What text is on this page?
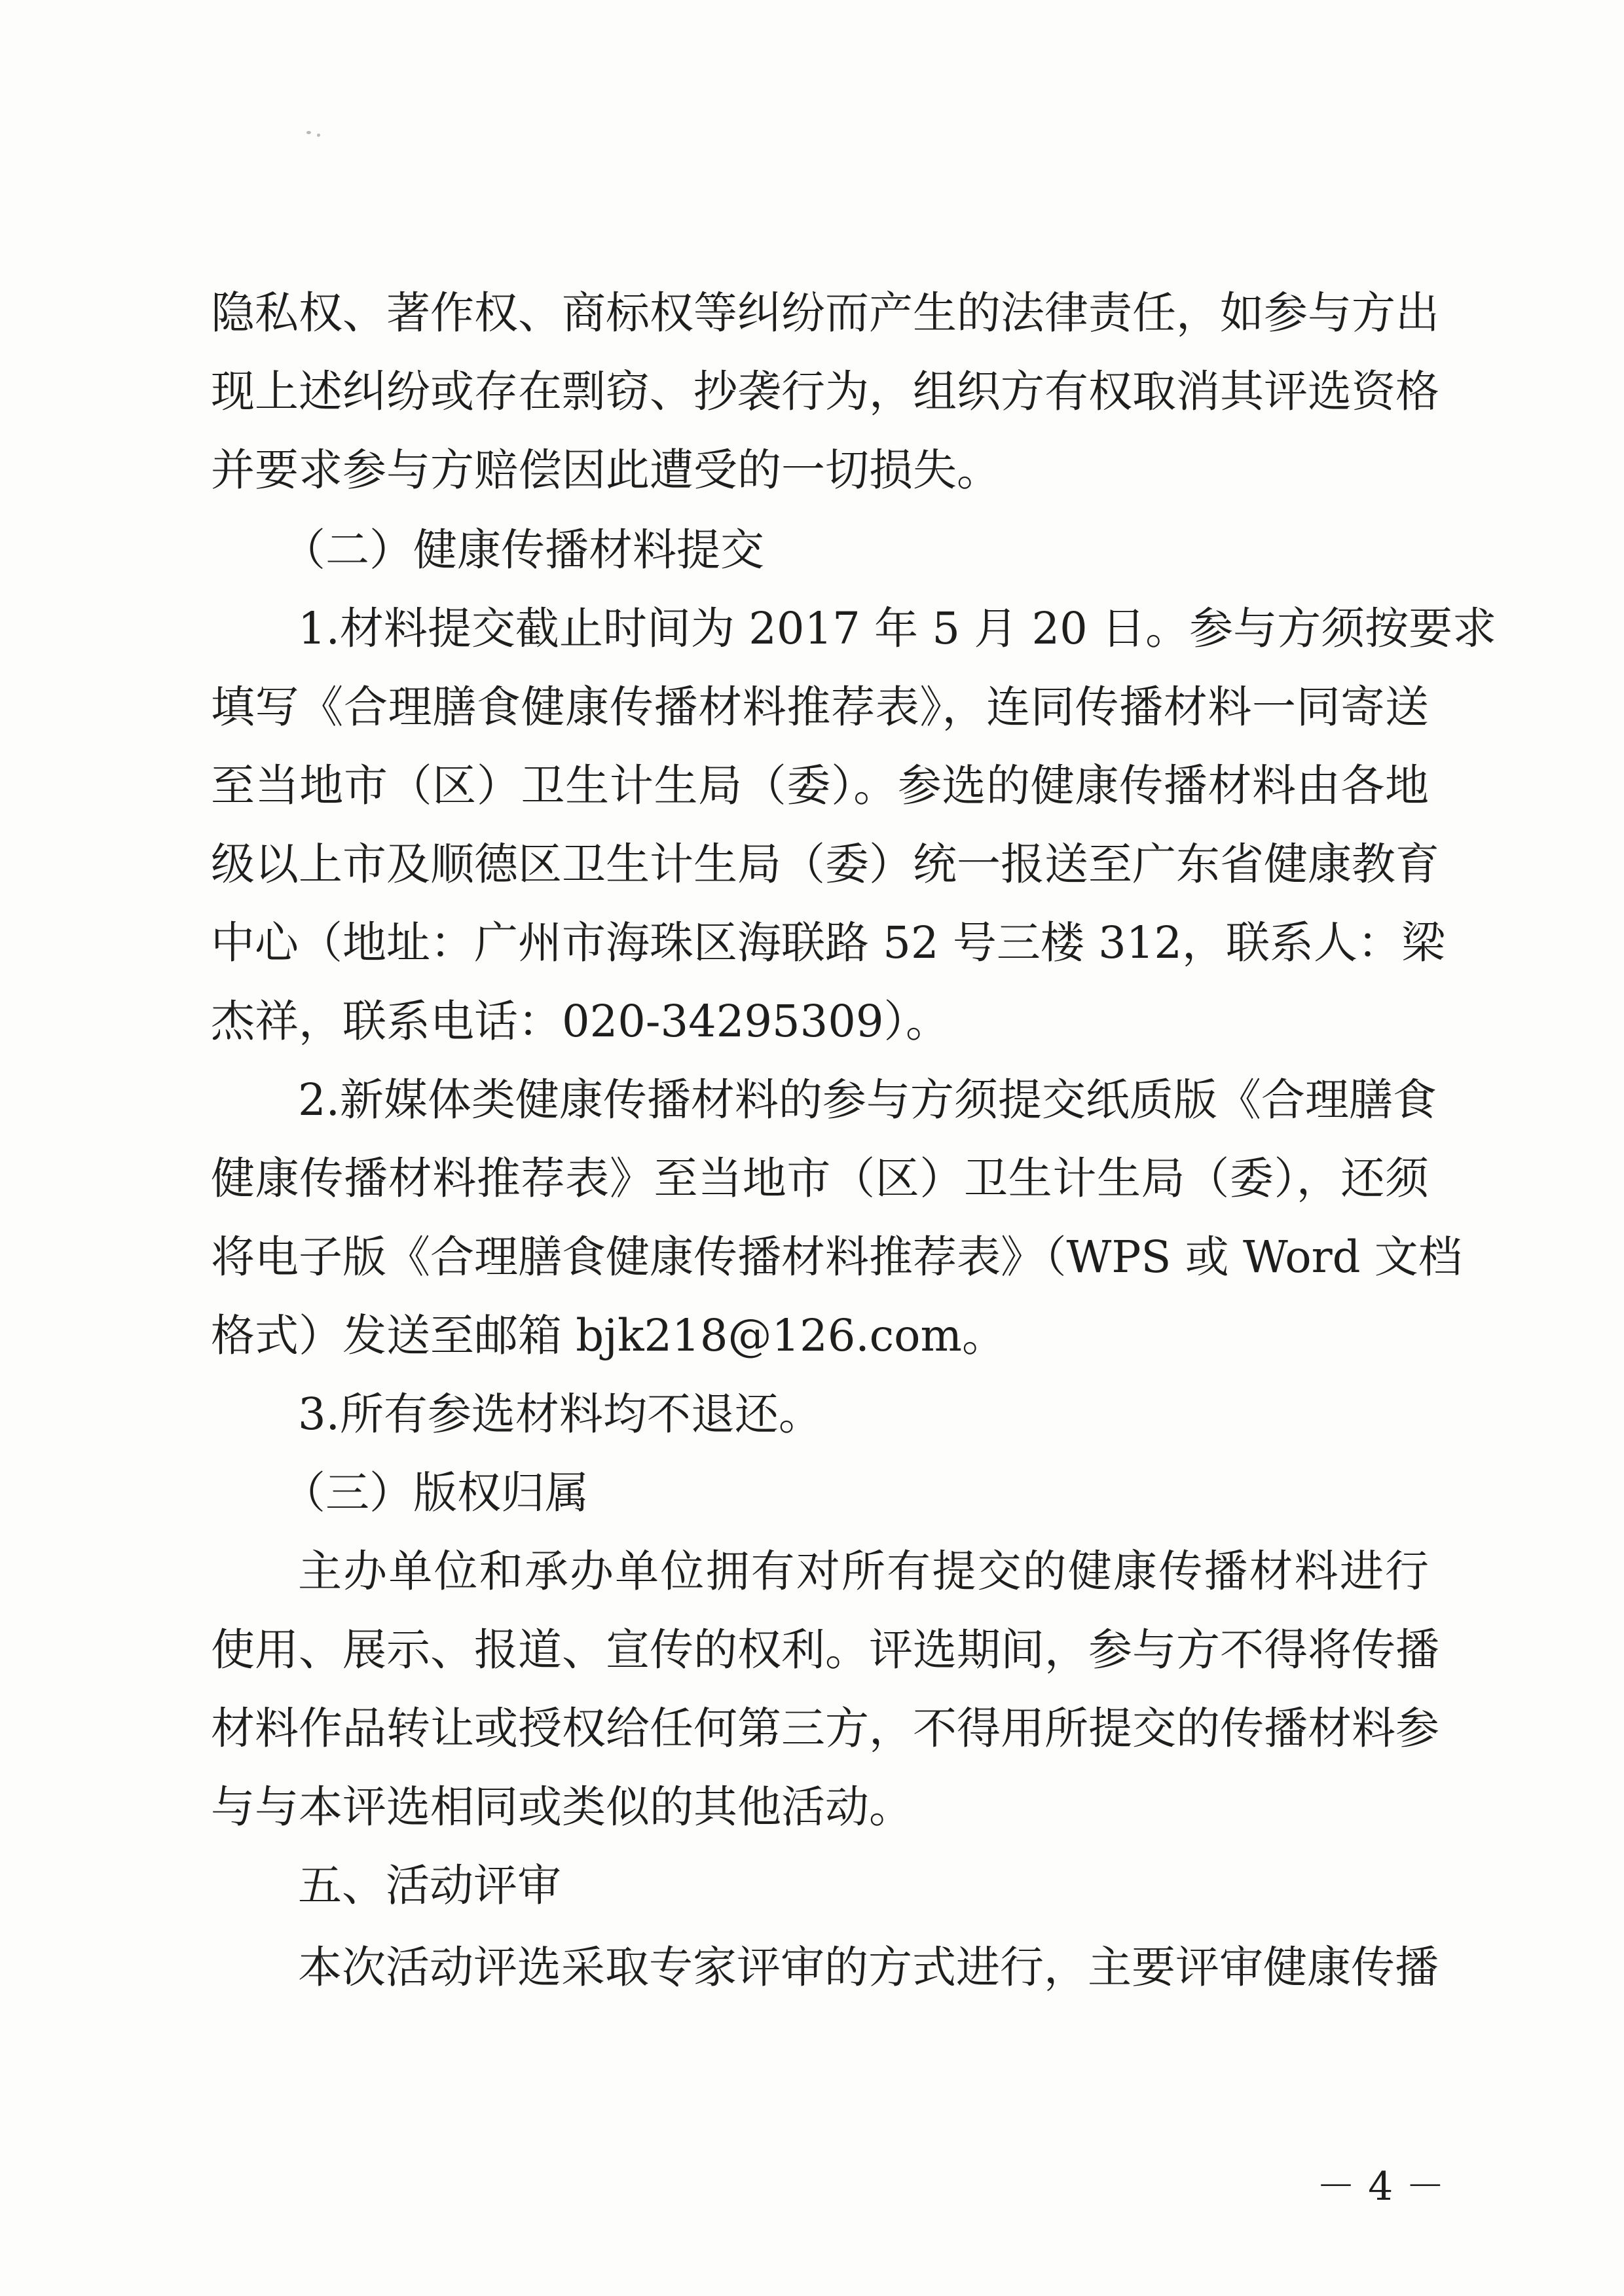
隐私权、著作权、商标权等纠纷而产生的法律责任，如参与方出
现上述纠纷或存在剽窃、抄袭行为，组织方有权取消其评选资格
并要求参与方赔偿因此遭受的一切损失。
（二）健康传播材料提交
1.材料提交截止时间为 2017 年 5 月 20 日。参与方须按要求
填写《合理膳食健康传播材料推荐表》，连同传播材料一同寄送
至当地市（区）卫生计生局（委）。参选的健康传播材料由各地
级以上市及顺德区卫生计生局（委）统一报送至广东省健康教育
中心（地址：广州市海珠区海联路 52 号三楼 312，联系人：梁
杰祥，联系电话：020-34295309）。
2.新媒体类健康传播材料的参与方须提交纸质版《合理膳食
健康传播材料推荐表》至当地市（区）卫生计生局（委），还须
将电子版《合理膳食健康传播材料推荐表》（WPS 或 Word 文档
格式）发送至邮箱 bjk218@126.com。
3.所有参选材料均不退还。
（三）版权归属
主办单位和承办单位拥有对所有提交的健康传播材料进行
使用、展示、报道、宣传的权利。评选期间，参与方不得将传播
材料作品转让或授权给任何第三方，不得用所提交的传播材料参
与与本评选相同或类似的其他活动。
五、活动评审
本次活动评选采取专家评审的方式进行，主要评审健康传播
－ 4 －
